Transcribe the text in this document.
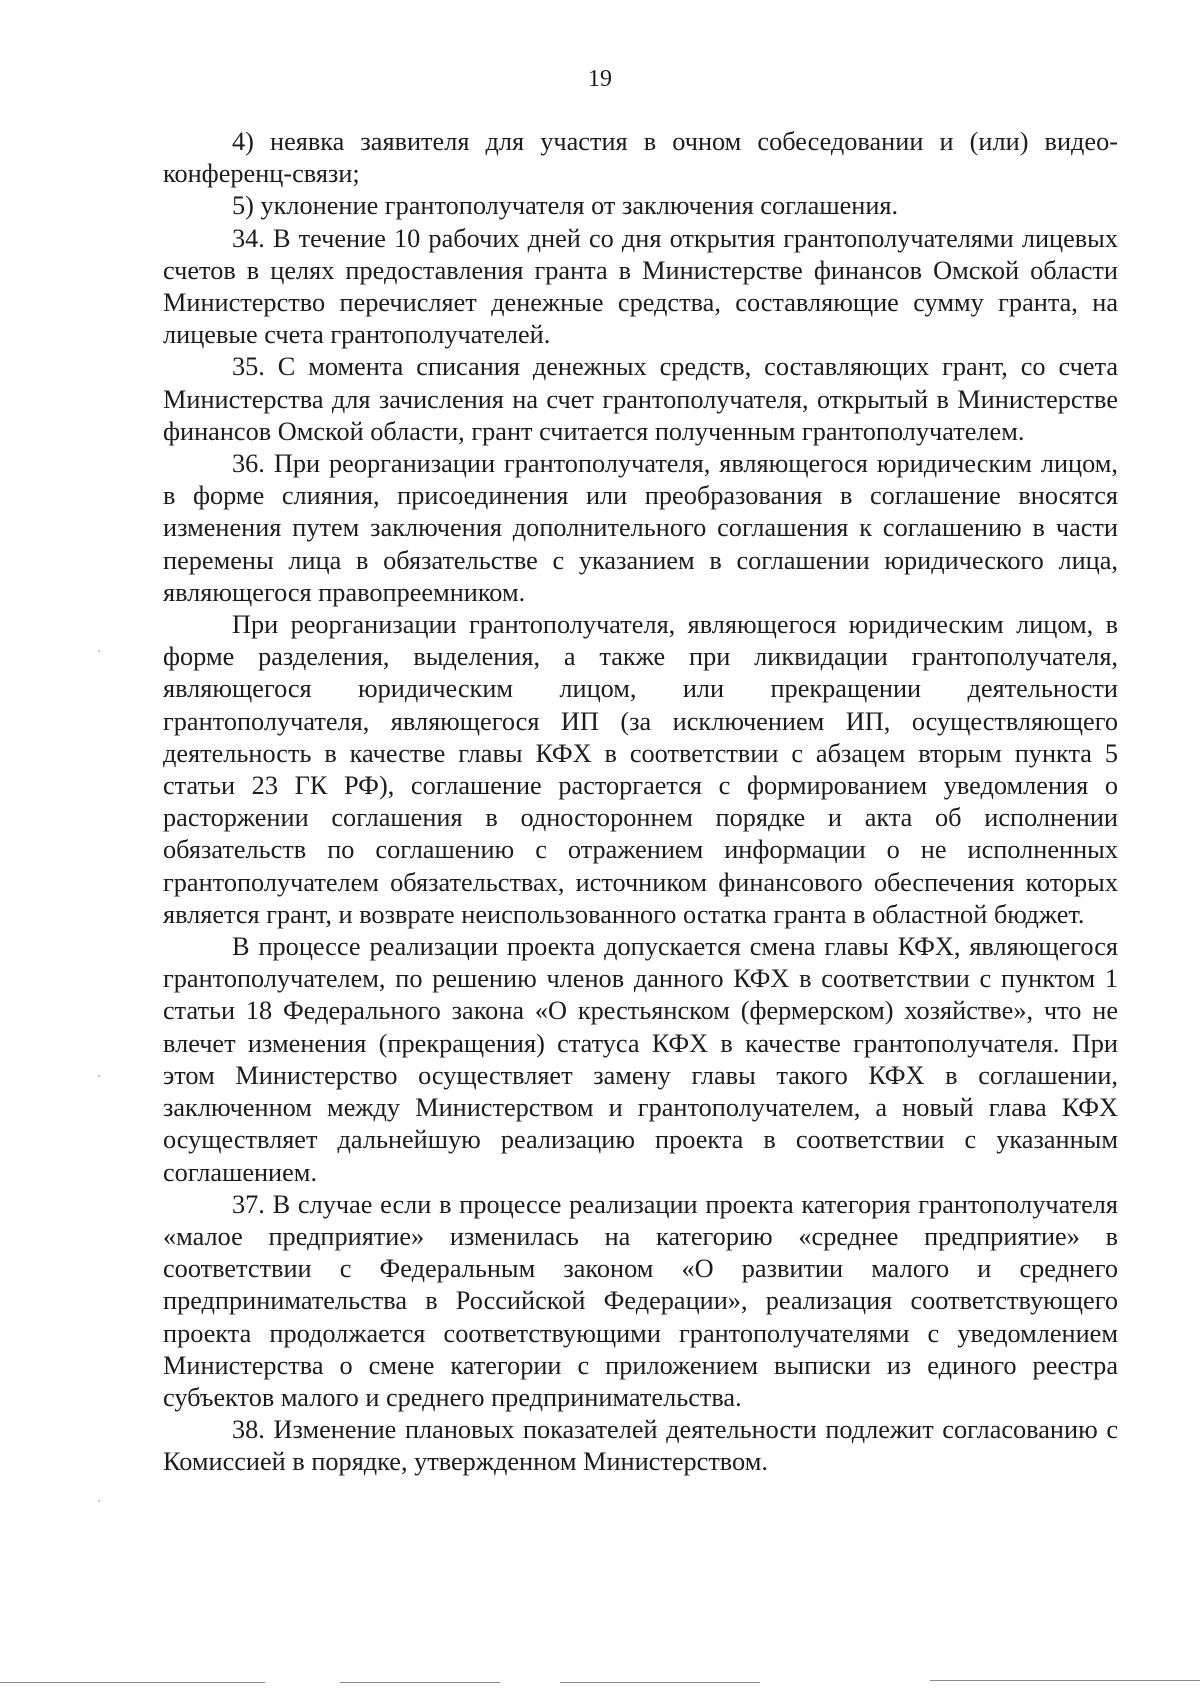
19

4) неявка заявителя для участия в очном собеседовании и (или) видео-конференц-связи;

5) уклонение грантополучателя от заключения соглашения.

34. В течение 10 рабочих дней со дня открытия грантополучателями лицевых счетов в целях предоставления гранта в Министерстве финансов Омской области Министерство перечисляет денежные средства, составляющие сумму гранта, на лицевые счета грантополучателей.

35. С момента списания денежных средств, составляющих грант, со счета Министерства для зачисления на счет грантополучателя, открытый в Министерстве финансов Омской области, грант считается полученным грантополучателем.

36. При реорганизации грантополучателя, являющегося юридическим лицом, в форме слияния, присоединения или преобразования в соглашение вносятся изменения путем заключения дополнительного соглашения к соглашению в части перемены лица в обязательстве с указанием в соглашении юридического лица, являющегося правопреемником.

При реорганизации грантополучателя, являющегося юридическим лицом, в форме разделения, выделения, а также при ликвидации грантополучателя, являющегося юридическим лицом, или прекращении деятельности грантополучателя, являющегося ИП (за исключением ИП, осуществляющего деятельность в качестве главы КФХ в соответствии с абзацем вторым пункта 5 статьи 23 ГК РФ), соглашение расторгается с формированием уведомления о расторжении соглашения в одностороннем порядке и акта об исполнении обязательств по соглашению с отражением информации о не исполненных грантополучателем обязательствах, источником финансового обеспечения которых является грант, и возврате неиспользованного остатка гранта в областной бюджет.

В процессе реализации проекта допускается смена главы КФХ, являющегося грантополучателем, по решению членов данного КФХ в соответствии с пунктом 1 статьи 18 Федерального закона «О крестьянском (фермерском) хозяйстве», что не влечет изменения (прекращения) статуса КФХ в качестве грантополучателя. При этом Министерство осуществляет замену главы такого КФХ в соглашении, заключенном между Министерством и грантополучателем, а новый глава КФХ осуществляет дальнейшую реализацию проекта в соответствии с указанным соглашением.

37. В случае если в процессе реализации проекта категория грантополучателя «малое предприятие» изменилась на категорию «среднее предприятие» в соответствии с Федеральным законом «О развитии малого и среднего предпринимательства в Российской Федерации», реализация соответствующего проекта продолжается соответствующими грантополучателями с уведомлением Министерства о смене категории с приложением выписки из единого реестра субъектов малого и среднего предпринимательства.

38. Изменение плановых показателей деятельности подлежит согласованию с Комиссией в порядке, утвержденном Министерством.
